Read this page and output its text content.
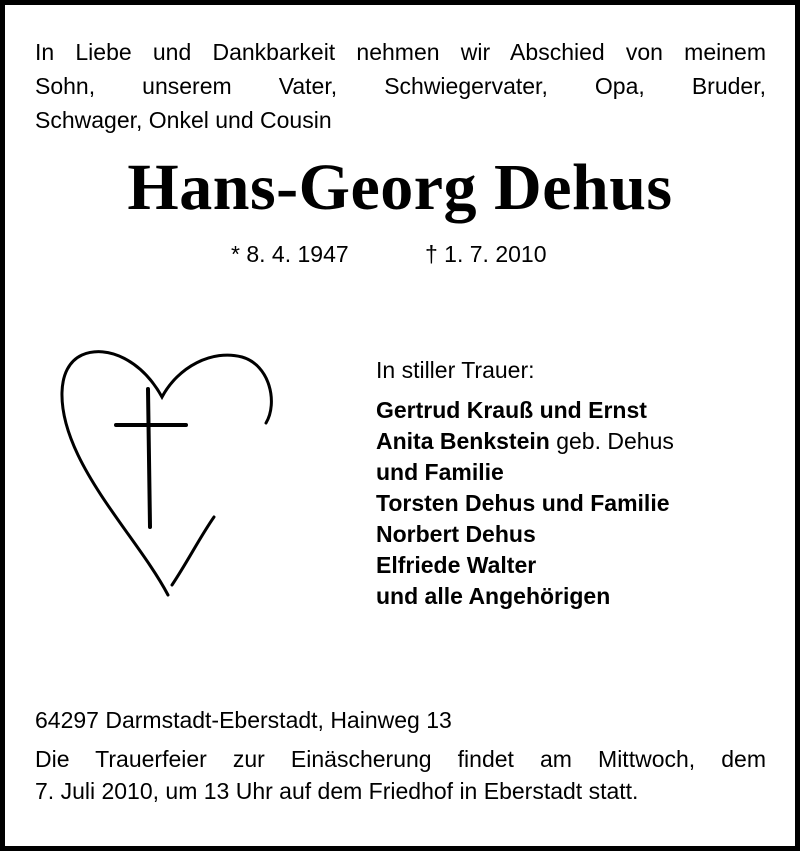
In Liebe und Dankbarkeit nehmen wir Abschied von meinem
Sohn, unserem Vater, Schwiegervater, Opa, Bruder,
Schwager, Onkel und Cousin
Hans-Georg Dehus
* 8. 4. 1947	† 1. 7. 2010
In stiller Trauer:
Gertrud Krauß und Ernst
Anita Benkstein geb. Dehus
und Familie
Torsten Dehus und Familie
Norbert Dehus
Elfriede Walter
und alle Angehörigen
64297 Darmstadt-Eberstadt, Hainweg 13
Die Trauerfeier zur Einäscherung findet am Mittwoch, dem
7. Juli 2010, um 13 Uhr auf dem Friedhof in Eberstadt statt.
